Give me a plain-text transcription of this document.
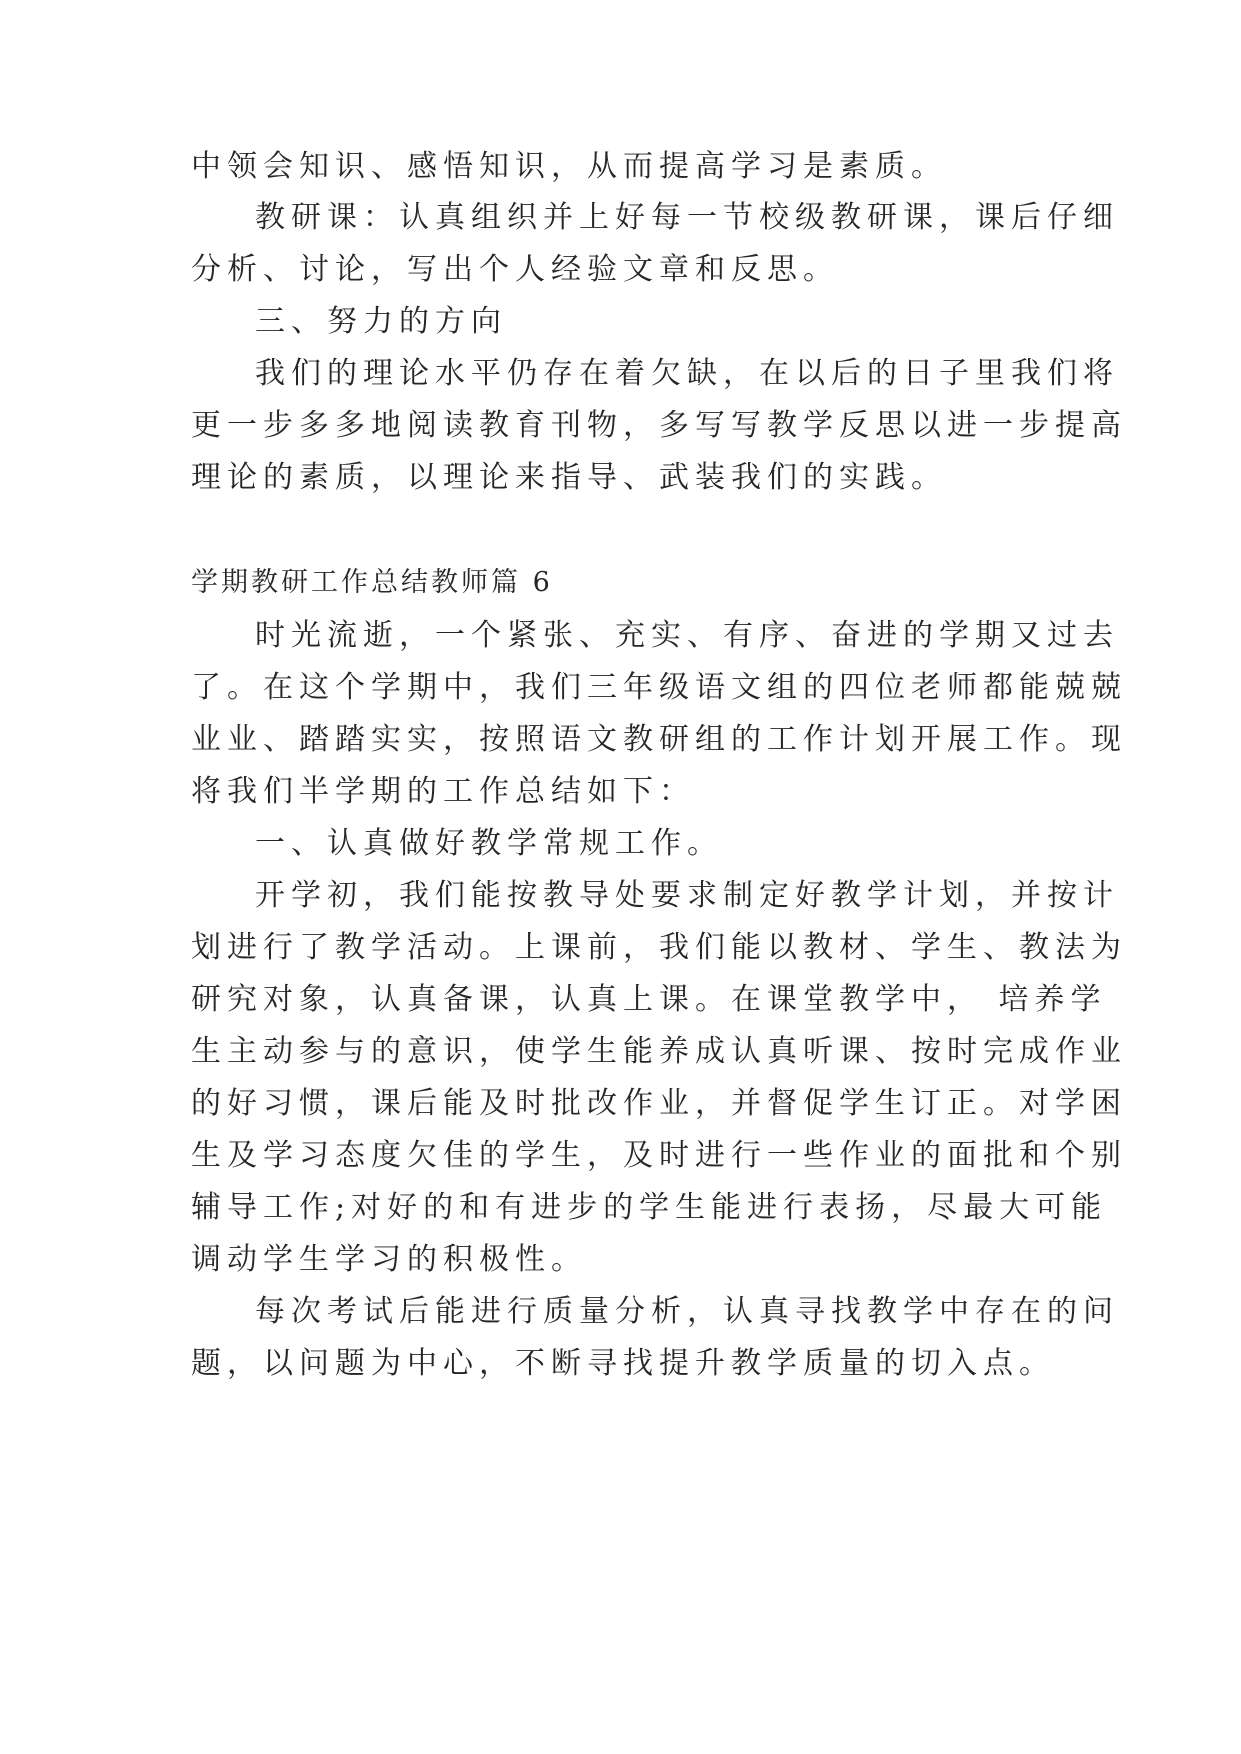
中领会知识、感悟知识，从而提高学习是素质。

教研课：认真组织并上好每一节校级教研课，课后仔细

分析、讨论，写出个人经验文章和反思。

三、努力的方向

我们的理论水平仍存在着欠缺，在以后的日子里我们将

更一步多多地阅读教育刊物，多写写教学反思以进一步提高

理论的素质，以理论来指导、武装我们的实践。

学期教研工作总结教师篇 6

时光流逝，一个紧张、充实、有序、奋进的学期又过去

了。在这个学期中，我们三年级语文组的四位老师都能兢兢

业业、踏踏实实，按照语文教研组的工作计划开展工作。现

将我们半学期的工作总结如下：

一、认真做好教学常规工作。

开学初，我们能按教导处要求制定好教学计划，并按计

划进行了教学活动。上课前，我们能以教材、学生、教法为

研究对象，认真备课，认真上课。在课堂教学中， 培养学

生主动参与的意识，使学生能养成认真听课、按时完成作业

的好习惯，课后能及时批改作业，并督促学生订正。对学困

生及学习态度欠佳的学生，及时进行一些作业的面批和个别

辅导工作;对好的和有进步的学生能进行表扬，尽最大可能

调动学生学习的积极性。

每次考试后能进行质量分析，认真寻找教学中存在的问

题，以问题为中心，不断寻找提升教学质量的切入点。
